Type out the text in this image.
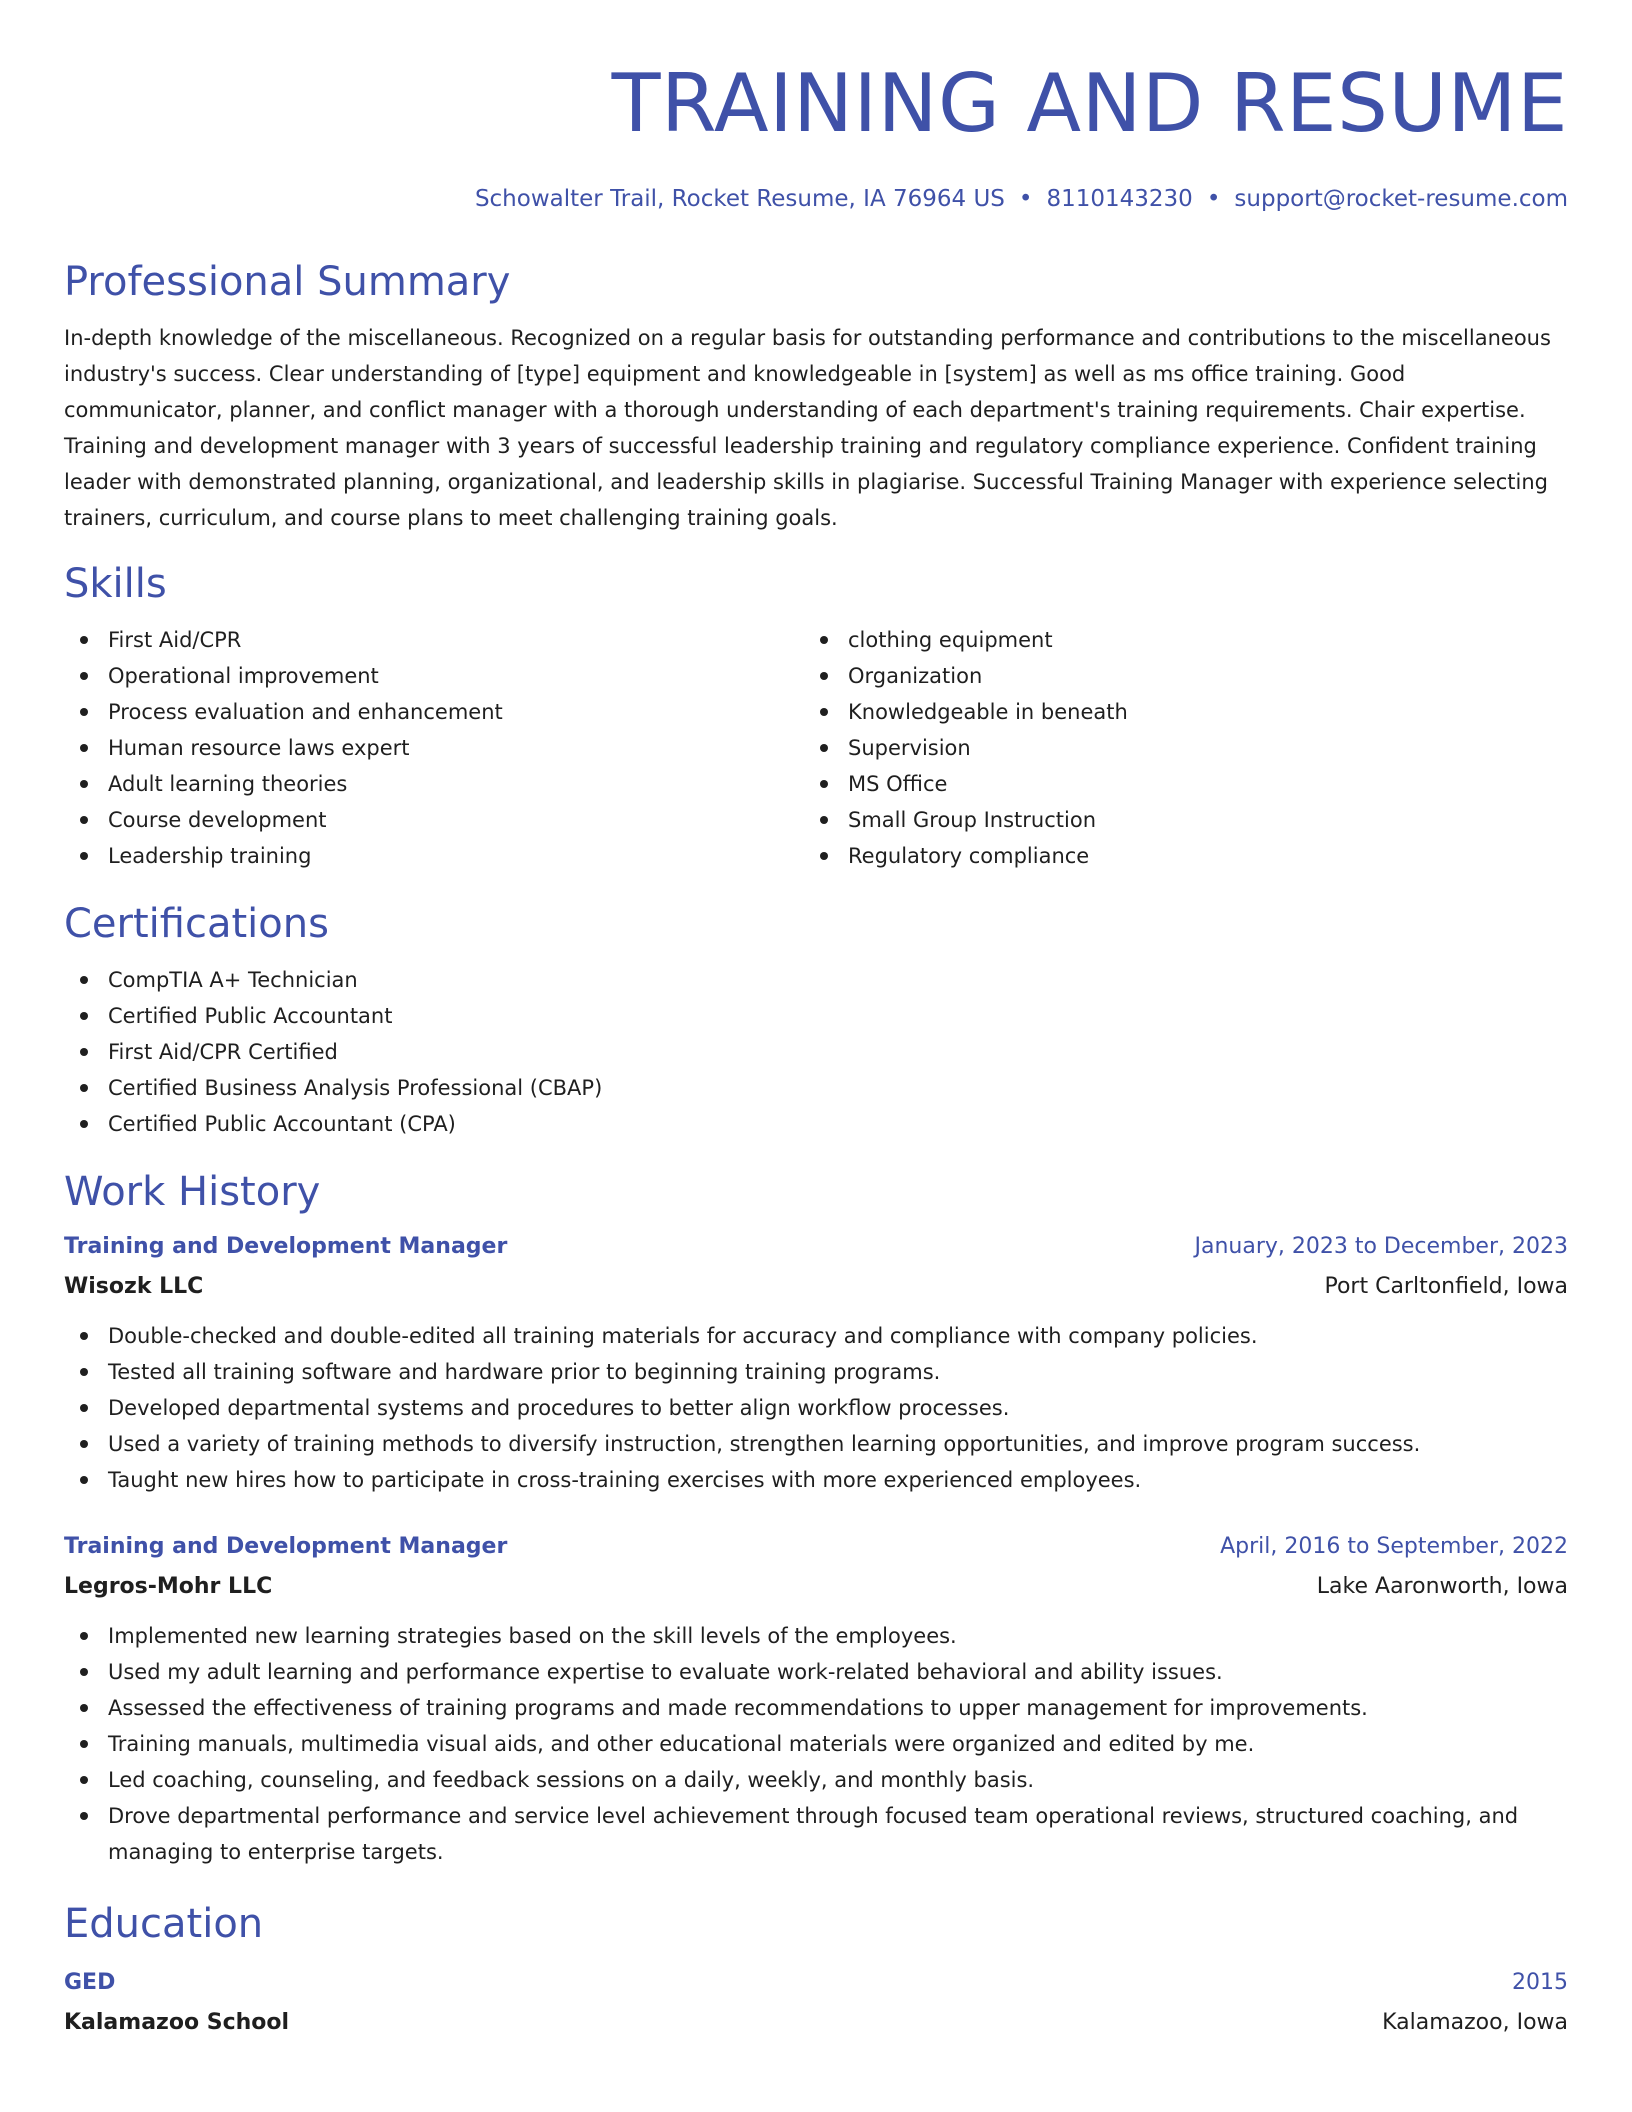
TRAINING AND RESUME
Schowalter Trail, Rocket Resume, IA 76964 US • 8110143230 • support@rocket-resume.com
Professional Summary

In-depth knowledge of the miscellaneous. Recognized on a regular basis for outstanding performance and contributions to the miscellaneous industry's success. Clear understanding of [type] equipment and knowledgeable in [system] as well as ms office training. Good communicator, planner, and conflict manager with a thorough understanding of each department's training requirements. Chair expertise. Training and development manager with 3 years of successful leadership training and regulatory compliance experience. Confident training leader with demonstrated planning, organizational, and leadership skills in plagiarise. Successful Training Manager with experience selecting trainers, curriculum, and course plans to meet challenging training goals.

Skills
First Aid/CPR
Operational improvement
Process evaluation and enhancement
Human resource laws expert
Adult learning theories
Course development
Leadership training
clothing equipment
Organization
Knowledgeable in beneath
Supervision
MS Office
Small Group Instruction
Regulatory compliance
Certifications
CompTIA A+ Technician
Certified Public Accountant
First Aid/CPR Certified
Certified Business Analysis Professional (CBAP)
Certified Public Accountant (CPA)
Work History
Training and Development Manager	January, 2023 to December, 2023
Wisozk LLC	Port Carltonfield, Iowa
Double-checked and double-edited all training materials for accuracy and compliance with company policies.
Tested all training software and hardware prior to beginning training programs.
Developed departmental systems and procedures to better align workflow processes.
Used a variety of training methods to diversify instruction, strengthen learning opportunities, and improve program success.
Taught new hires how to participate in cross-training exercises with more experienced employees.
Training and Development Manager	April, 2016 to September, 2022
Legros-Mohr LLC	Lake Aaronworth, Iowa
Implemented new learning strategies based on the skill levels of the employees.
Used my adult learning and performance expertise to evaluate work-related behavioral and ability issues.
Assessed the effectiveness of training programs and made recommendations to upper management for improvements.
Training manuals, multimedia visual aids, and other educational materials were organized and edited by me.
Led coaching, counseling, and feedback sessions on a daily, weekly, and monthly basis.
Drove departmental performance and service level achievement through focused team operational reviews, structured coaching, and managing to enterprise targets.
Education
GED	2015
Kalamazoo School	Kalamazoo, Iowa
